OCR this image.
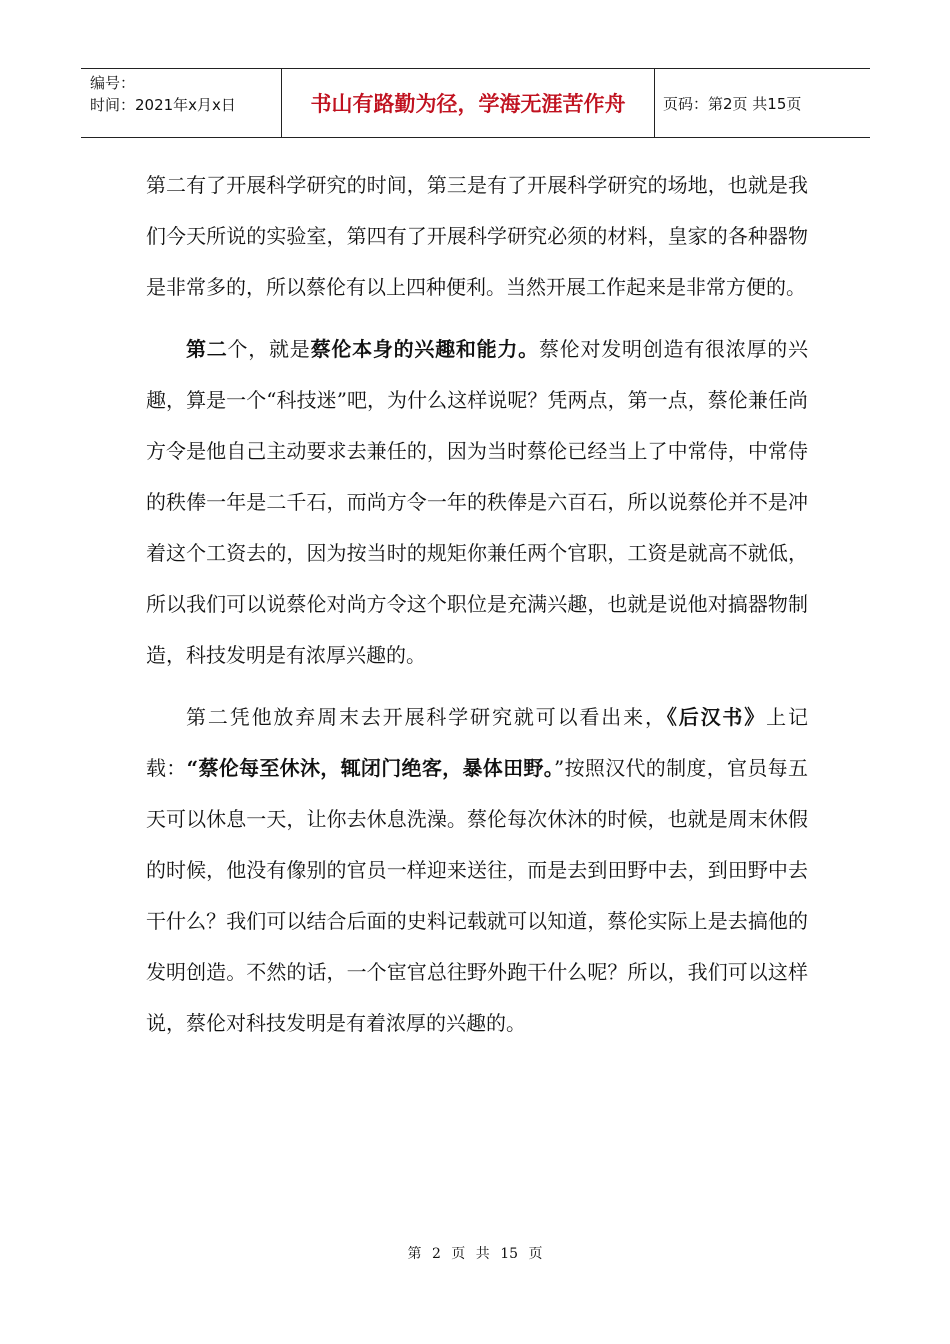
编号：
时间：2021年x月x日	书山有路勤为径，学海无涯苦作舟	页码：第2页 共15页

第二有了开展科学研究的时间，第三是有了开展科学研究的场地，也就是我们今天所说的实验室，第四有了开展科学研究必须的材料，皇家的各种器物是非常多的，所以蔡伦有以上四种便利。当然开展工作起来是非常方便的。

第二个，就是蔡伦本身的兴趣和能力。蔡伦对发明创造有很浓厚的兴趣，算是一个“科技迷”吧，为什么这样说呢？凭两点，第一点，蔡伦兼任尚方令是他自己主动要求去兼任的，因为当时蔡伦已经当上了中常侍，中常侍的秩俸一年是二千石，而尚方令一年的秩俸是六百石，所以说蔡伦并不是冲着这个工资去的，因为按当时的规矩你兼任两个官职，工资是就高不就低，所以我们可以说蔡伦对尚方令这个职位是充满兴趣，也就是说他对搞器物制造，科技发明是有浓厚兴趣的。

第二凭他放弃周末去开展科学研究就可以看出来，《后汉书》上记载：“蔡伦每至休沐，辄闭门绝客，暴体田野。”按照汉代的制度，官员每五天可以休息一天，让你去休息洗澡。蔡伦每次休沐的时候，也就是周末休假的时候，他没有像别的官员一样迎来送往，而是去到田野中去，到田野中去干什么？我们可以结合后面的史料记载就可以知道，蔡伦实际上是去搞他的发明创造。不然的话，一个宦官总往野外跑干什么呢？所以，我们可以这样说，蔡伦对科技发明是有着浓厚的兴趣的。

第 2 页 共 15 页
